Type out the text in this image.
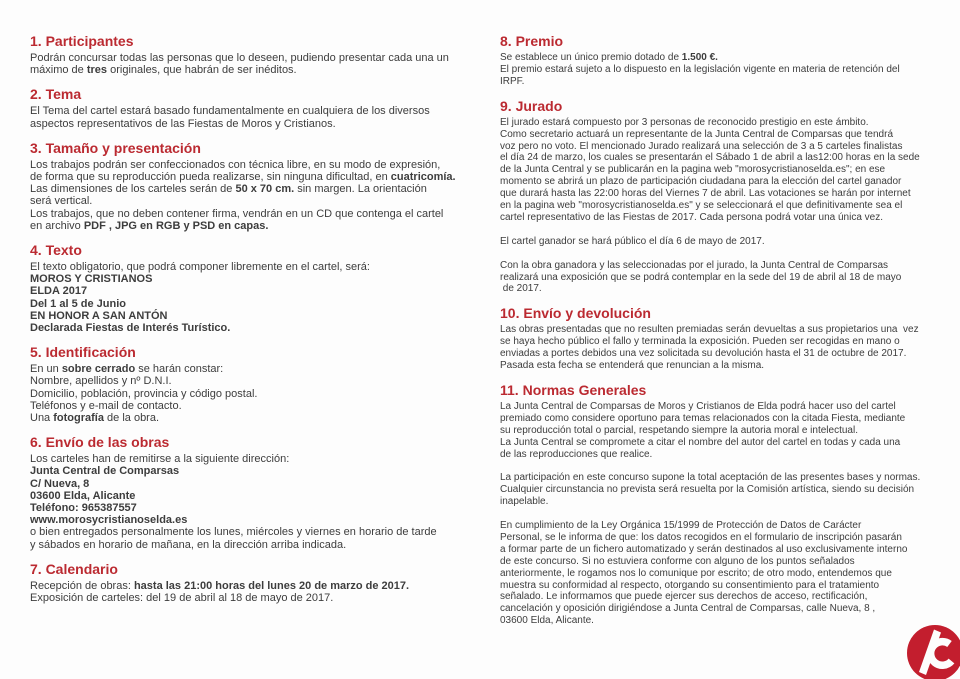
1. Participantes
Podrán concursar todas las personas que lo deseen, pudiendo presentar cada una un
máximo de tres originales, que habrán de ser inéditos.
2. Tema
El Tema del cartel estará basado fundamentalmente en cualquiera de los diversos
aspectos representativos de las Fiestas de Moros y Cristianos.
3. Tamaño y presentación
Los trabajos podrán ser confeccionados con técnica libre, en su modo de expresión,
de forma que su reproducción pueda realizarse, sin ninguna dificultad, en cuatricomía.
Las dimensiones de los carteles serán de 50 x 70 cm. sin margen. La orientación
será vertical.
Los trabajos, que no deben contener firma, vendrán en un CD que contenga el cartel
en archivo PDF , JPG en RGB y PSD en capas.
4. Texto
El texto obligatorio, que podrá componer libremente en el cartel, será:
MOROS Y CRISTIANOS
ELDA 2017
Del 1 al 5 de Junio
EN HONOR A SAN ANTÓN
Declarada Fiestas de Interés Turístico.
5. Identificación
En un sobre cerrado se harán constar:
Nombre, apellidos y nº D.N.I.
Domicilio, población, provincia y código postal.
Teléfonos y e-mail de contacto.
Una fotografía de la obra.
6. Envío de las obras
Los carteles han de remitirse a la siguiente dirección:
Junta Central de Comparsas
C/ Nueva, 8
03600 Elda, Alicante
Teléfono: 965387557
www.morosycristianoselda.es
o bien entregados personalmente los lunes, miércoles y viernes en horario de tarde
y sábados en horario de mañana, en la dirección arriba indicada.
7. Calendario
Recepción de obras: hasta las 21:00 horas del lunes 20 de marzo de 2017.
Exposición de carteles: del 19 de abril al 18 de mayo de 2017.
8. Premio
Se establece un único premio dotado de 1.500 €.
El premio estará sujeto a lo dispuesto en la legislación vigente en materia de retención del
IRPF.
9. Jurado
El jurado estará compuesto por 3 personas de reconocido prestigio en este ámbito.
Como secretario actuará un representante de la Junta Central de Comparsas que tendrá
voz pero no voto. El mencionado Jurado realizará una selección de 3 a 5 carteles finalistas
el día 24 de marzo, los cuales se presentarán el Sábado 1 de abril a las12:00 horas en la sede
de la Junta Central y se publicarán en la pagina web "morosycristianoselda.es"; en ese
momento se abrirá un plazo de participación ciudadana para la elección del cartel ganador
que durará hasta las 22:00 horas del Viernes 7 de abril. Las votaciones se harán por internet
en la pagina web "morosycristianoselda.es" y se seleccionará el que definitivamente sea el
cartel representativo de las Fiestas de 2017. Cada persona podrá votar una única vez.

El cartel ganador se hará público el día 6 de mayo de 2017.

Con la obra ganadora y las seleccionadas por el jurado, la Junta Central de Comparsas
realizará una exposición que se podrá contemplar en la sede del 19 de abril al 18 de mayo
de 2017.
10. Envío y devolución
Las obras presentadas que no resulten premiadas serán devueltas a sus propietarios una  vez
se haya hecho público el fallo y terminada la exposición. Pueden ser recogidas en mano o
enviadas a portes debidos una vez solicitada su devolución hasta el 31 de octubre de 2017.
Pasada esta fecha se entenderá que renuncian a la misma.
11. Normas Generales
La Junta Central de Comparsas de Moros y Cristianos de Elda podrá hacer uso del cartel
premiado como considere oportuno para temas relacionados con la citada Fiesta, mediante
su reproducción total o parcial, respetando siempre la autoria moral e intelectual.
La Junta Central se compromete a citar el nombre del autor del cartel en todas y cada una
de las reproducciones que realice.

La participación en este concurso supone la total aceptación de las presentes bases y normas.
Cualquier circunstancia no prevista será resuelta por la Comisión artística, siendo su decisión
inapelable.

En cumplimiento de la Ley Orgánica 15/1999 de Protección de Datos de Carácter
Personal, se le informa de que: los datos recogidos en el formulario de inscripción pasarán
a formar parte de un fichero automatizado y serán destinados al uso exclusivamente interno
de este concurso. Si no estuviera conforme con alguno de los puntos señalados
anteriormente, le rogamos nos lo comunique por escrito; de otro modo, entendemos que
muestra su conformidad al respecto, otorgando su consentimiento para el tratamiento
señalado. Le informamos que puede ejercer sus derechos de acceso, rectificación,
cancelación y oposición dirigiéndose a Junta Central de Comparsas, calle Nueva, 8 ,
03600 Elda, Alicante.
